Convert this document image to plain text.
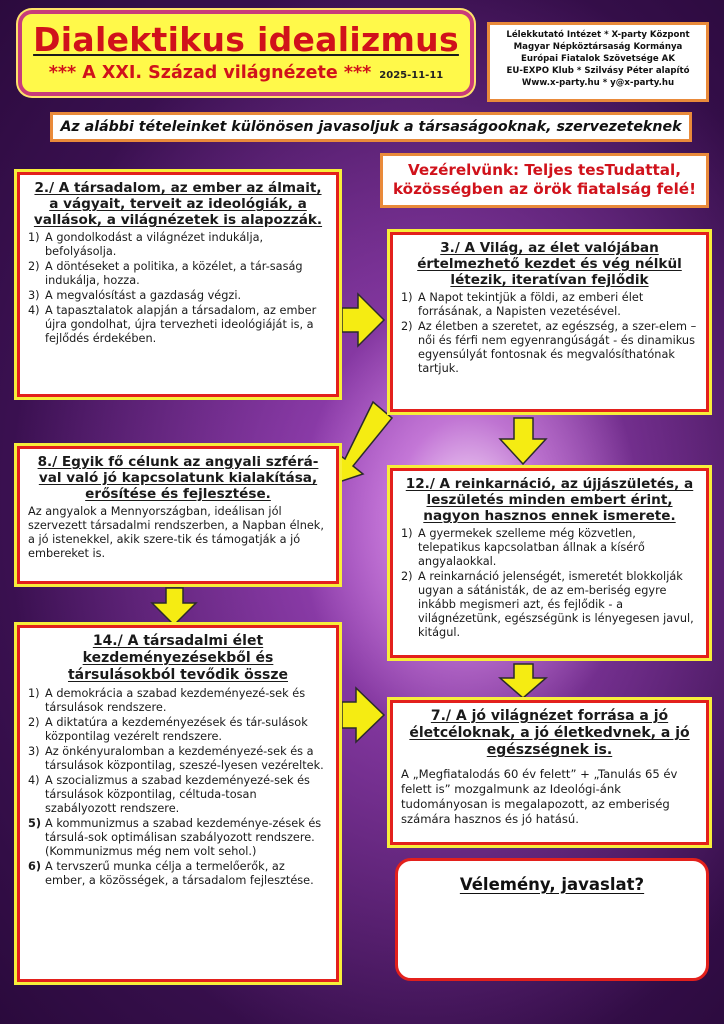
Dialektikus idealizmus
*** A XXI. Század világnézete *** 2025-11-11
Lélekkutató Intézet * X-party Központ
Magyar Népköztársaság Kormánya
Európai Fiatalok Szövetsége AK
EU-EXPO Klub * Szilvásy Péter alapító
Www.x-party.hu * y@x-party.hu
Az alábbi tételeinket különösen javasoljuk a társaságooknak, szervezeteknek
Vezérelvünk: Teljes tesTudattal,
közösségben az örök fiatalság felé!
2./ A társadalom, az ember az álmait, a vágyait, terveit az ideológiák, a vallások, a világnézetek is alapozzák.
1) A gondolkodást a világnézet indukálja, befolyásolja.
2) A döntéseket a politika, a közélet, a tár-saság indukálja, hozza.
3) A megvalósítást a gazdaság végzi.
4) A tapasztalatok alapján a társadalom, az ember újra gondolhat, újra tervezheti ideológiáját is, a fejlődés érdekében.
3./ A Világ, az élet valójában értelmezhető kezdet és vég nélkül létezik, iteratívan fejlődik
1) A Napot tekintjük a földi, az emberi élet forrásának, a Napisten vezetésével.
2) Az életben a szeretet, az egészség, a szer-elem – női és férfi nem egyenrangúságát - és dinamikus egyensúlyát fontosnak és megvalósíthatónak tartjuk.
8./ Egyik fő célunk az angyali szférá-val való jó kapcsolatunk kialakítása, erősítése és fejlesztése.

Az angyalok a Mennyországban, ideálisan jól szervezett társadalmi rendszerben, a Napban élnek, a jó istenekkel, akik szere-tik és támogatják a jó embereket is.

12./ A reinkarnáció, az újjászületés, a leszületés minden embert érint, nagyon hasznos ennek ismerete.
1) A gyermekek szelleme még közvetlen, telepatikus kapcsolatban állnak a kísérő angyalaokkal.
2) A reinkarnáció jelenségét, ismeretét blokkolják ugyan a sátánisták, de az em-beriség egyre inkább megismeri azt, és fejlődik - a világnézetünk, egészségünk is lényegesen javul, kitágul.
14./ A társadalmi élet kezdeményezésekből és társulásokból tevődik össze
1) A demokrácia a szabad kezdeményezé-sek és társulások rendszere.
2) A diktatúra a kezdeményezések és tár-sulások központilag vezérelt rendszere.
3) Az önkényuralomban a kezdeményezé-sek és a társulások központilag, szeszé-lyesen vezéreltek.
4) A szocializmus a szabad kezdeményezé-sek és társulások központilag, céltuda-tosan szabályozott rendszere.
5) A kommunizmus a szabad kezdeménye-zések és társulá-sok optimálisan szabályozott rendszere. (Kommunizmus még nem volt sehol.)
6) A tervszerű munka célja a termelőerők, az ember, a közösségek, a társadalom fejlesztése.
7./ A jó világnézet forrása a jó életcéloknak, a jó életkedvnek, a jó egészségnek is.

A „Megfiatalodás 60 év felett” + „Tanulás 65 év felett is” mozgalmunk az Ideológi-ánk tudományosan is megalapozott, az emberiség számára hasznos és jó hatású.

Vélemény, javaslat?
